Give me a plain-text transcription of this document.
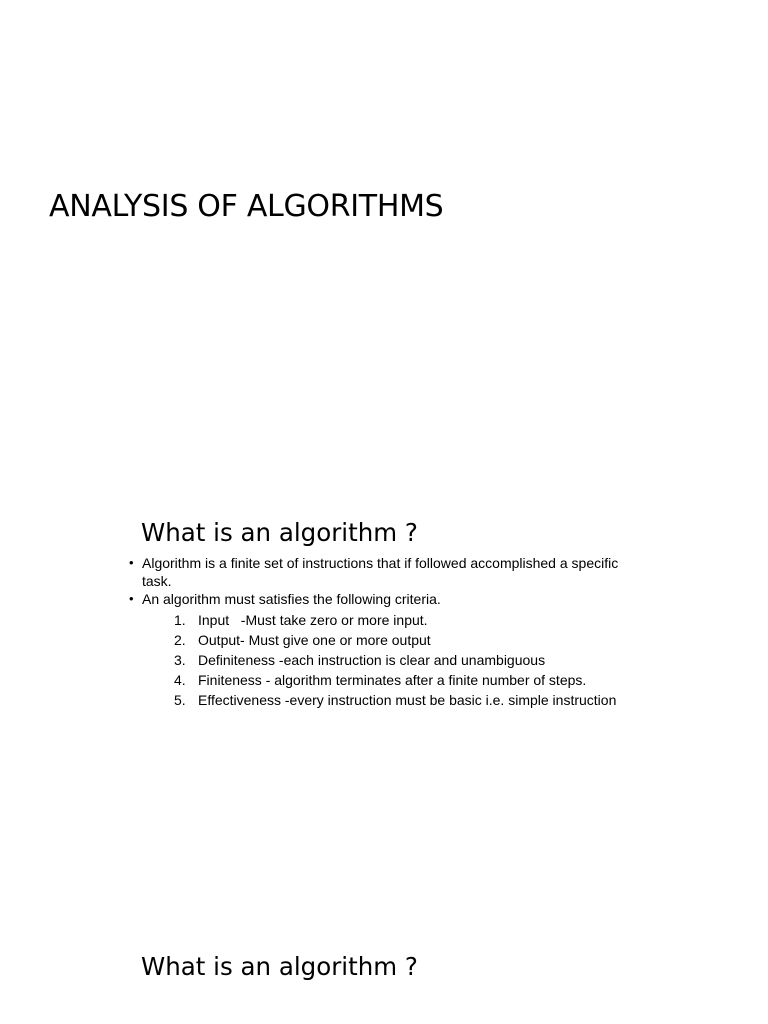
ANALYSIS OF ALGORITHMS
What is an algorithm ?
• Algorithm is a finite set of instructions that if followed accomplished a specific task.
• An algorithm must satisfies the following criteria.
1. Input   -Must take zero or more input.
2. Output- Must give one or more output
3. Definiteness -each instruction is clear and unambiguous
4. Finiteness - algorithm terminates after a finite number of steps.
5. Effectiveness -every instruction must be basic i.e. simple instruction
What is an algorithm ?
